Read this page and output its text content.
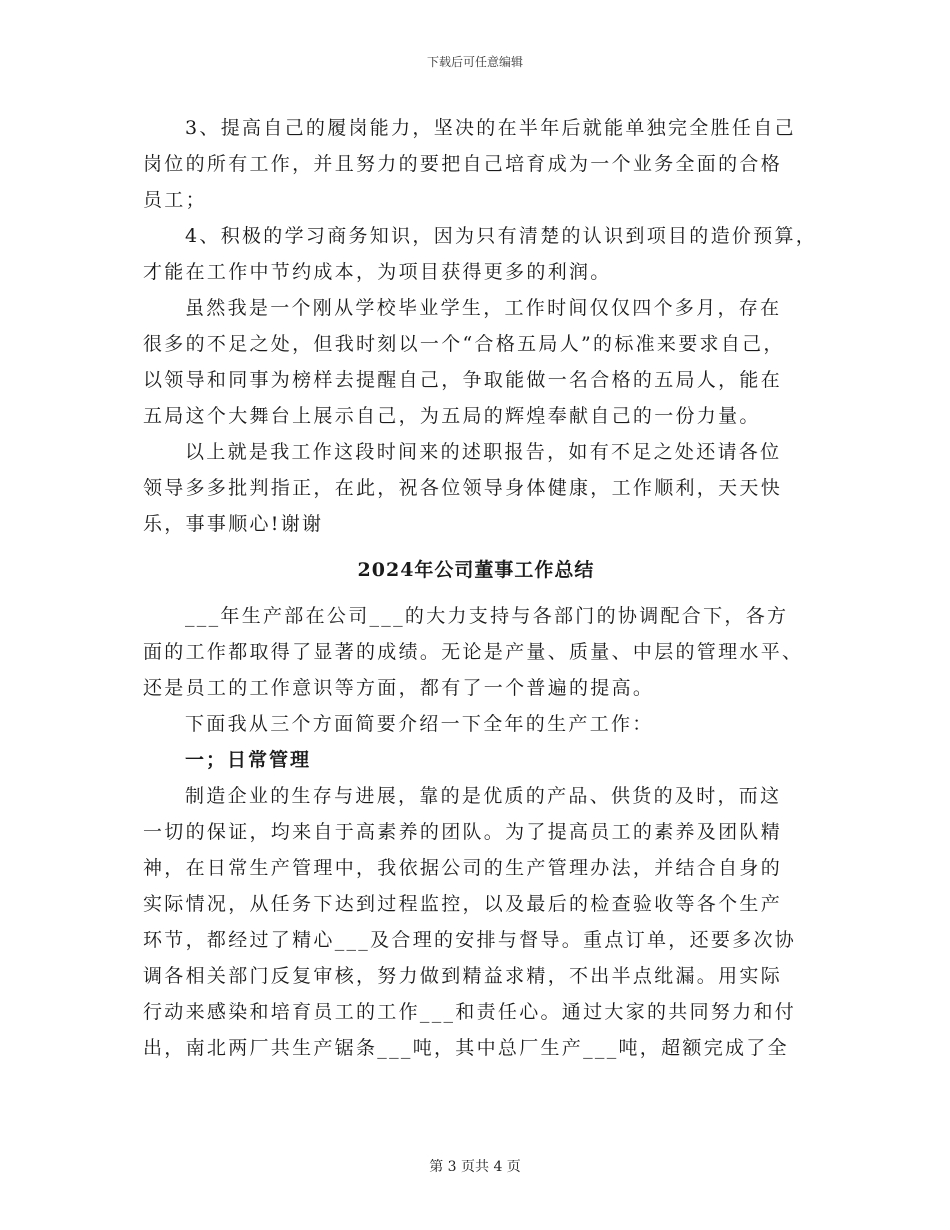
下载后可任意编辑
3、提高自己的履岗能力，坚决的在半年后就能单独完全胜任自己
岗位的所有工作，并且努力的要把自己培育成为一个业务全面的合格
员工；
4、积极的学习商务知识，因为只有清楚的认识到项目的造价预算，
才能在工作中节约成本，为项目获得更多的利润。
虽然我是一个刚从学校毕业学生，工作时间仅仅四个多月，存在
很多的不足之处，但我时刻以一个“合格五局人”的标准来要求自己，
以领导和同事为榜样去提醒自己，争取能做一名合格的五局人，能在
五局这个大舞台上展示自己，为五局的辉煌奉献自己的一份力量。
以上就是我工作这段时间来的述职报告，如有不足之处还请各位
领导多多批判指正，在此，祝各位领导身体健康，工作顺利，天天快
乐，事事顺心!谢谢
2024年公司董事工作总结
___年生产部在公司___的大力支持与各部门的协调配合下，各方
面的工作都取得了显著的成绩。无论是产量、质量、中层的管理水平、
还是员工的工作意识等方面，都有了一个普遍的提高。
下面我从三个方面简要介绍一下全年的生产工作：
一；日常管理
制造企业的生存与进展，靠的是优质的产品、供货的及时，而这
一切的保证，均来自于高素养的团队。为了提高员工的素养及团队精
神，在日常生产管理中，我依据公司的生产管理办法，并结合自身的
实际情况，从任务下达到过程监控，以及最后的检查验收等各个生产
环节，都经过了精心___及合理的安排与督导。重点订单，还要多次协
调各相关部门反复审核，努力做到精益求精，不出半点纰漏。用实际
行动来感染和培育员工的工作___和责任心。通过大家的共同努力和付
出，南北两厂共生产锯条___吨，其中总厂生产___吨，超额完成了全
第 3 页共 4 页
